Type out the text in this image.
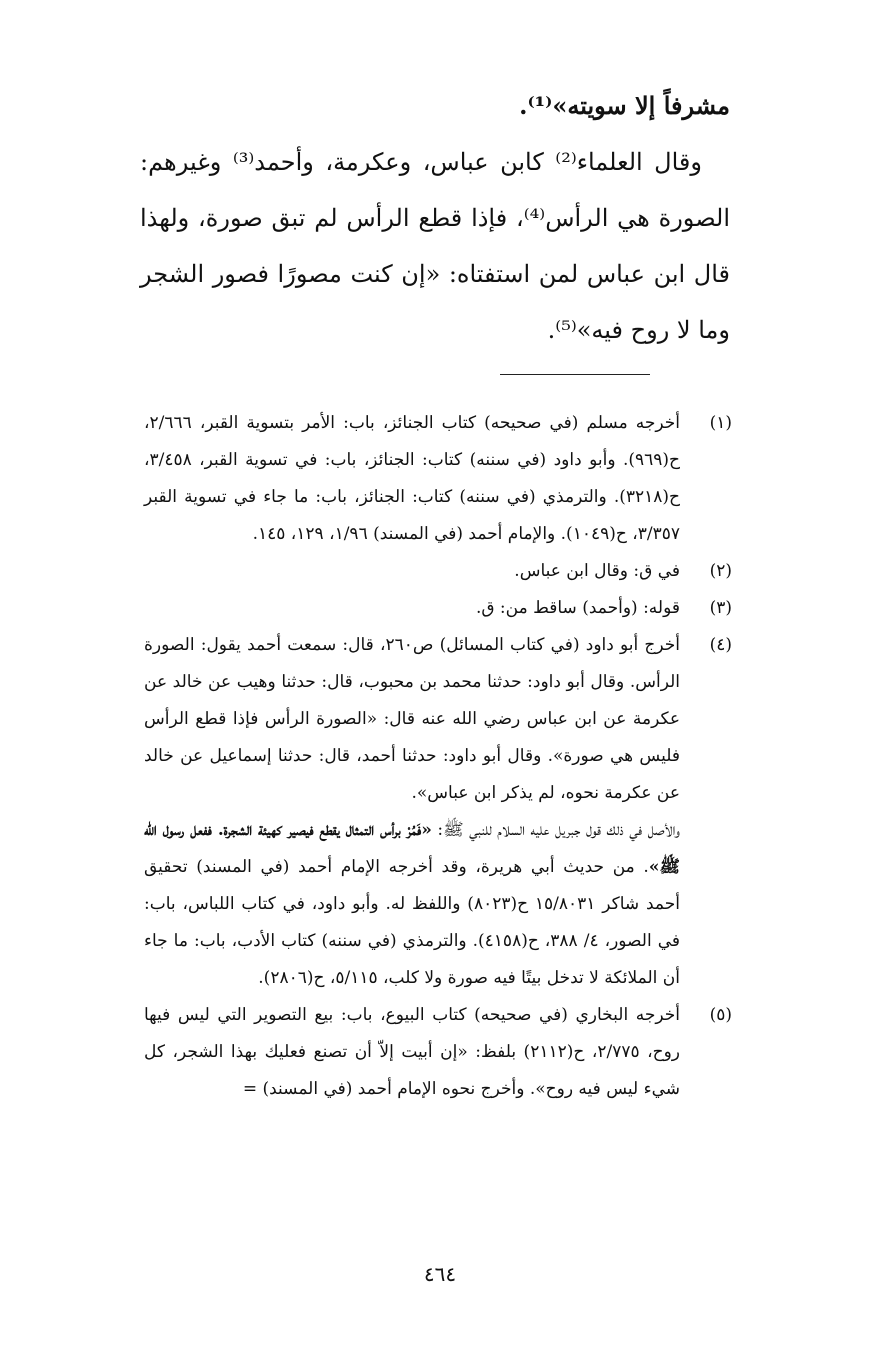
مشرفاً إلا سويته»⁽¹⁾.

وقال العلماء⁽²⁾ كابن عباس، وعكرمة، وأحمد⁽³⁾ وغيرهم: الصورة هي الرأس⁽⁴⁾، فإذا قطع الرأس لم تبق صورة، ولهذا قال ابن عباس لمن استفتاه: «إن كنت مصورًا فصور الشجر وما لا روح فيه»⁽⁵⁾.

(١)

أخرجه مسلم (في صحيحه) كتاب الجنائز، باب: الأمر بتسوية القبر، ٢/٦٦٦، ح(٩٦٩). وأبو داود (في سننه) كتاب: الجنائز، باب: في تسوية القبر، ٣/٤٥٨، ح(٣٢١٨). والترمذي (في سننه) كتاب: الجنائز، باب: ما جاء في تسوية القبر ٣/٣٥٧، ح(١٠٤٩). والإمام أحمد (في المسند) ١/٩٦، ١٢٩، ١٤٥.

(٢)

في ق: وقال ابن عباس.

(٣)

قوله: (وأحمد) ساقط من: ق.

(٤)

أخرج أبو داود (في كتاب المسائل) ص٢٦٠، قال: سمعت أحمد يقول: الصورة الرأس. وقال أبو داود: حدثنا محمد بن محبوب، قال: حدثنا وهيب عن خالد عن عكرمة عن ابن عباس رضي الله عنه قال: «الصورة الرأس فإذا قطع الرأس فليس هي صورة». وقال أبو داود: حدثنا أحمد، قال: حدثنا إسماعيل عن خالد عن عكرمة نحوه، لم يذكر ابن عباس».

والأصل في ذلك قول جبريل عليه السلام للنبي ﷺ: «فَمُرْ برأس التمثال يقطع فيصير كهيئة الشجرة. ففعل رسول الله ﷺ». من حديث أبي هريرة، وقد أخرجه الإمام أحمد (في المسند) تحقيق أحمد شاكر ١٥/٨٠٣١ ح(٨٠٢٣) واللفظ له. وأبو داود، في كتاب اللباس، باب: في الصور، ٤/ ٣٨٨، ح(٤١٥٨). والترمذي (في سننه) كتاب الأدب، باب: ما جاء أن الملائكة لا تدخل بيتًا فيه صورة ولا كلب، ٥/١١٥، ح(٢٨٠٦).

(٥)

أخرجه البخاري (في صحيحه) كتاب البيوع، باب: بيع التصوير التي ليس فيها روح، ٢/٧٧٥، ح(٢١١٢) بلفظ: «إن أبيت إلاّ أن تصنع فعليك بهذا الشجر، كل شيء ليس فيه روح». وأخرج نحوه الإمام أحمد (في المسند) =

٤٦٤
